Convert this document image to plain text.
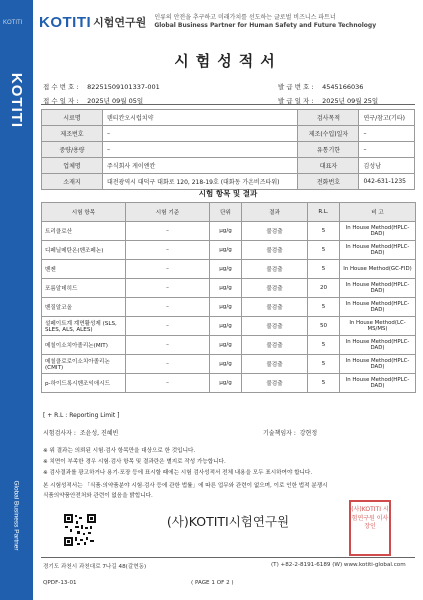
KOTITI
KOTITI
Global Business Partner
KOTITI 시험연구원 인류의 안전을 추구하고 미래가치를 선도하는 글로벌 비즈니스 파트너
Global Business Partner for Human Safety and Future Technology
시험성적서
접 수 번 호 : 82251509101337-001
접 수 일 자 : 2025년 09월 05일
발 급 번 호 : 4545166036
발 급 일 자 : 2025년 09월 25일
시료명	덴티칸오시럽치약	검사목적	연구/참고(기타)
제조번호	–	제조(수입)일자	–
중량/용량	–	유통기한	–
업체명	주식회사 게이엔칸	대표자	김성남
소재지	대전광역시 대덕구 대화로 120, 218-19호 (대화동 가온비즈타워)	전화번호	042-631-1235
시험 항목 및 결과
시험 항목	시험 기준	단위	결과	R.L.	비 고
트리클로산	–	μg/g	불검출	5	In House Method(HPLC-DAD)
디페닐메탄온(벤조페논)	–	μg/g	불검출	5	In House Method(HPLC-DAD)
벤젠	–	μg/g	불검출	5	In House Method(GC-FID)
포름알데히드	–	μg/g	불검출	20	In House Method(HPLC-DAD)
벤질알코올	–	μg/g	불검출	5	In House Method(HPLC-DAD)
설페이트계 계면활성제 (SLS, SLES, ALS, ALES)	–	μg/g	불검출	50	In House Method(LC-MS/MS)
메칠이소치아졸리논(MIT)	–	μg/g	불검출	5	In House Method(HPLC-DAD)
메칠클로로이소치아졸리논(CMIT)	–	μg/g	불검출	5	In House Method(HPLC-DAD)
p-하이드록시벤조익애시드	–	μg/g	불검출	5	In House Method(HPLC-DAD)
[ + R.L : Reporting Limit ]
시험검사자 : 조윤성, 진혜빈	기술책임자 : 강현정
※ 위 결과는 의뢰된 시험·검사 항목만을 대상으로 한 것입니다.
※ 치면이 부족한 경우 시험·검사 항목 및 결과란은 별지로 작성 가능합니다.
※ 검사결과를 광고하거나 용기·포장 등에 표시할 때에는 시험 검사성적서 전체 내용을 모두 표시하여야 합니다.
본 시험성적서는 「식품·의약품분야 시험·검사 등에 관한 법률」에 따른 업무와 관련이 없으며, 이로 인한 법적 분쟁시
식품의약품안전처와 관련이 없음을 밝힙니다.
(사)KOTITI시험연구원
(사)KOTITI 시험연구원 이사장인
경기도 과천시 과천대로 7나길 48(갈현동)	(T) +82-2-8191-6189 (W) www.kotiti-global.com
QPDF-13-01	( PAGE 1 OF 2 )
